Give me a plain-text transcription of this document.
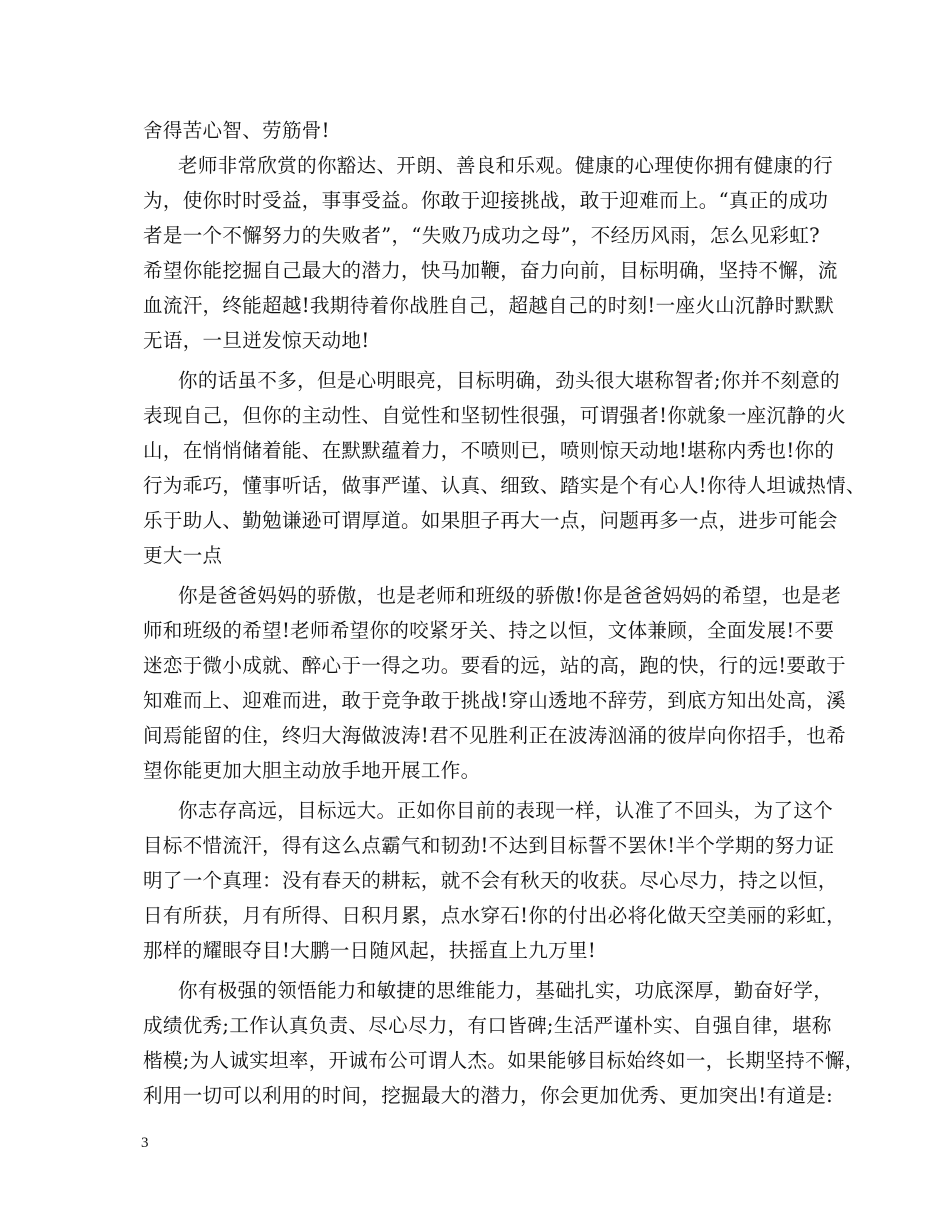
舍得苦心智、劳筋骨!
老师非常欣赏的你豁达、开朗、善良和乐观。健康的心理使你拥有健康的行
为，使你时时受益，事事受益。你敢于迎接挑战，敢于迎难而上。“真正的成功
者是一个不懈努力的失败者”，“失败乃成功之母”，不经历风雨，怎么见彩虹?
希望你能挖掘自己最大的潜力，快马加鞭，奋力向前，目标明确，坚持不懈，流
血流汗，终能超越!我期待着你战胜自己，超越自己的时刻!一座火山沉静时默默
无语，一旦迸发惊天动地!
你的话虽不多，但是心明眼亮，目标明确，劲头很大堪称智者;你并不刻意的
表现自己，但你的主动性、自觉性和坚韧性很强，可谓强者!你就象一座沉静的火
山，在悄悄储着能、在默默蕴着力，不喷则已，喷则惊天动地!堪称内秀也!你的
行为乖巧，懂事听话，做事严谨、认真、细致、踏实是个有心人!你待人坦诚热情、
乐于助人、勤勉谦逊可谓厚道。如果胆子再大一点，问题再多一点，进步可能会
更大一点
你是爸爸妈妈的骄傲，也是老师和班级的骄傲!你是爸爸妈妈的希望，也是老
师和班级的希望!老师希望你的咬紧牙关、持之以恒，文体兼顾，全面发展!不要
迷恋于微小成就、醉心于一得之功。要看的远，站的高，跑的快，行的远!要敢于
知难而上、迎难而进，敢于竞争敢于挑战!穿山透地不辞劳，到底方知出处高，溪
间焉能留的住，终归大海做波涛!君不见胜利正在波涛汹涌的彼岸向你招手，也希
望你能更加大胆主动放手地开展工作。
你志存高远，目标远大。正如你目前的表现一样，认准了不回头，为了这个
目标不惜流汗，得有这么点霸气和韧劲!不达到目标誓不罢休!半个学期的努力证
明了一个真理：没有春天的耕耘，就不会有秋天的收获。尽心尽力，持之以恒，
日有所获，月有所得、日积月累，点水穿石!你的付出必将化做天空美丽的彩虹，
那样的耀眼夺目!大鹏一日随风起，扶摇直上九万里!
你有极强的领悟能力和敏捷的思维能力，基础扎实，功底深厚，勤奋好学，
成绩优秀;工作认真负责、尽心尽力，有口皆碑;生活严谨朴实、自强自律，堪称
楷模;为人诚实坦率，开诚布公可谓人杰。如果能够目标始终如一，长期坚持不懈，
利用一切可以利用的时间，挖掘最大的潜力，你会更加优秀、更加突出!有道是:
3
